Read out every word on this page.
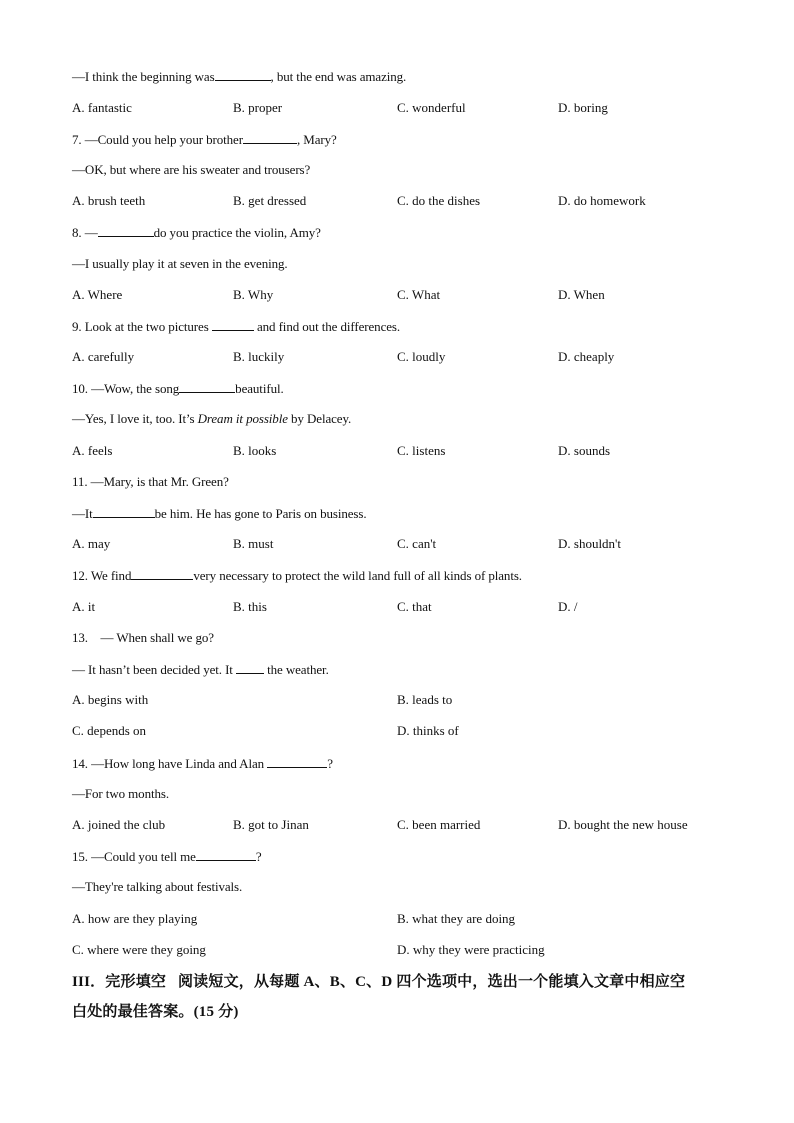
—I think the beginning was	, but the end was amazing.
A. fantastic	B. proper	C. wonderful	D. boring
7. —Could you help your brother	, Mary?
—OK, but where are his sweater and trousers?
A. brush teeth	B. get dressed	C. do the dishes	D. do homework
8. —	do you practice the violin, Amy?
—I usually play it at seven in the evening.
A. Where	B. Why	C. What	D. When
9. Look at the two pictures	and find out the differences.
A. carefully	B. luckily	C. loudly	D. cheaply
10. —Wow, the song	beautiful.
—Yes, I love it, too. It’s Dream it possible by Delacey.
A. feels	B. looks	C. listens	D. sounds
11. —Mary, is that Mr. Green?
—It	be him. He has gone to Paris on business.
A. may	B. must	C. can't	D. shouldn't
12. We find	very necessary to protect the wild land full of all kinds of plants.
A. it	B. this	C. that	D. /
13.    — When shall we go?
— It hasn’t been decided yet. It  the weather.
A. begins with	B. leads to
C. depends on	D. thinks of
14. —How long have Linda and Alan	?
—For two months.
A. joined the club	B. got to Jinan	C. been married	D. bought the new house
15. —Could you tell me	?
—They're talking about festivals.
A. how are they playing	B. what they are doing
C. where were they going	D. why they were practicing
III．完形填空   阅读短文，从每题 A、B、C、D 四个选项中，选出一个能填入文章中相应空
白处的最佳答案。(15 分)
